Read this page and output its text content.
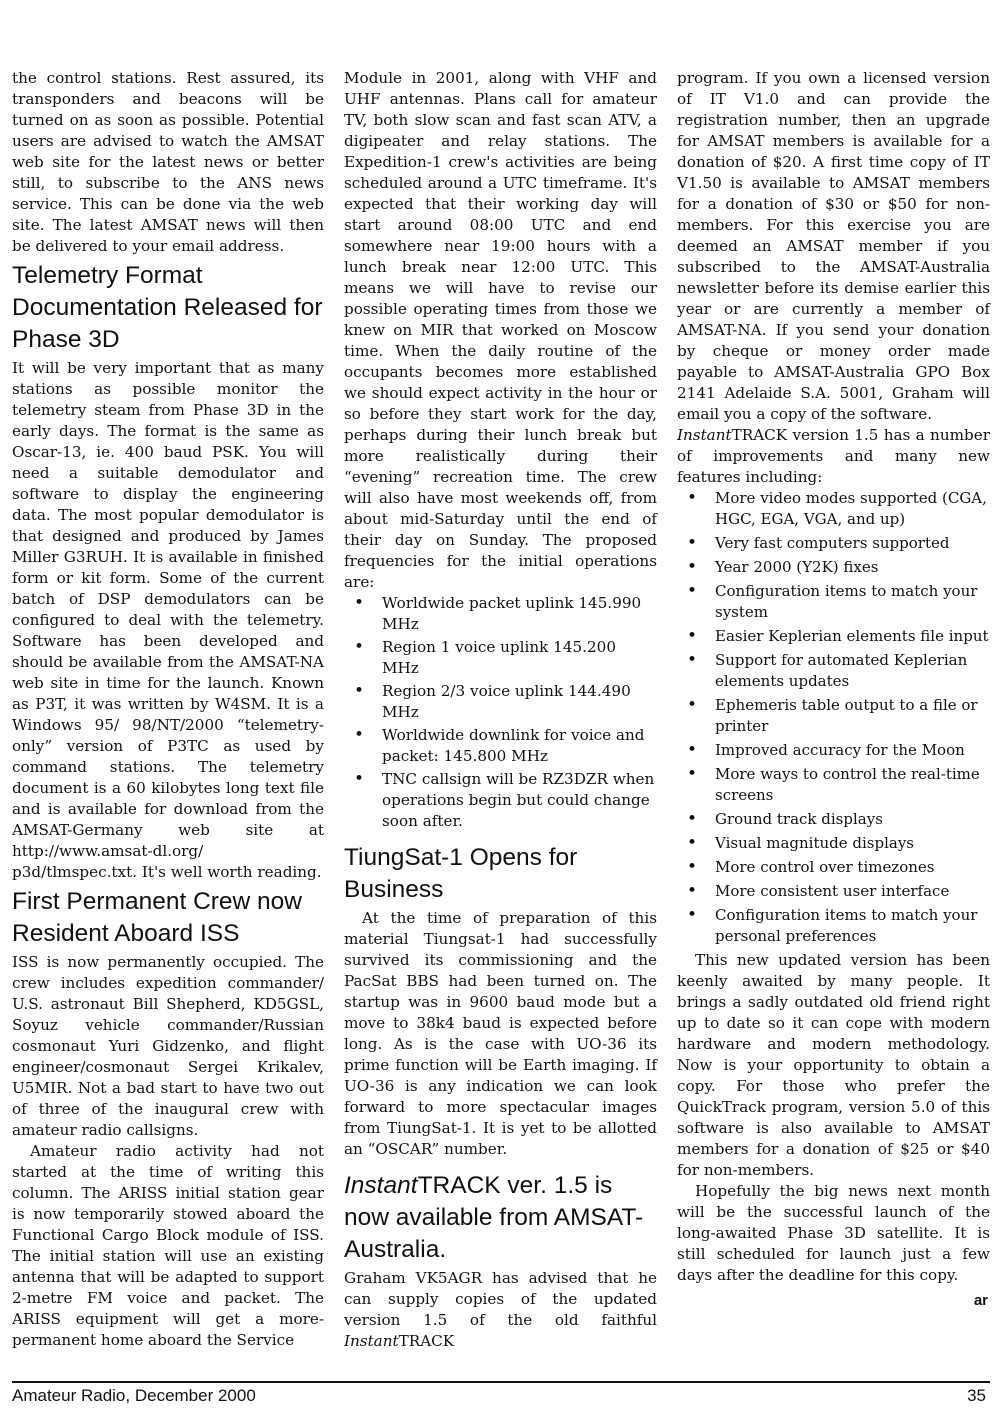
the control stations. Rest assured, its transponders and beacons will be turned on as soon as possible. Potential users are advised to watch the AMSAT web site for the latest news or better still, to subscribe to the ANS news service. This can be done via the web site. The latest AMSAT news will then be delivered to your email address.

Telemetry Format Documentation Released for Phase 3D

It will be very important that as many stations as possible monitor the telemetry steam from Phase 3D in the early days. The format is the same as Oscar-13, ie. 400 baud PSK. You will need a suitable demodulator and software to display the engineering data. The most popular demodulator is that designed and produced by James Miller G3RUH. It is available in finished form or kit form. Some of the current batch of DSP demodulators can be configured to deal with the telemetry. Software has been developed and should be available from the AMSAT-NA web site in time for the launch. Known as P3T, it was written by W4SM. It is a Windows 95/ 98/NT/2000 “telemetry-only” version of P3TC as used by command stations. The telemetry document is a 60 kilobytes long text file and is available for download from the AMSAT-Germany web site at http://www.amsat-dl.org/ p3d/tlmspec.txt. It's well worth reading.

First Permanent Crew now Resident Aboard ISS

ISS is now permanently occupied. The crew includes expedition commander/ U.S. astronaut Bill Shepherd, KD5GSL, Soyuz vehicle commander/Russian cosmonaut Yuri Gidzenko, and flight engineer/cosmonaut Sergei Krikalev, U5MIR. Not a bad start to have two out of three of the inaugural crew with amateur radio callsigns.

Amateur radio activity had not started at the time of writing this column. The ARISS initial station gear is now temporarily stowed aboard the Functional Cargo Block module of ISS. The initial station will use an existing antenna that will be adapted to support 2-metre FM voice and packet. The ARISS equipment will get a more-permanent home aboard the Service

Module in 2001, along with VHF and UHF antennas. Plans call for amateur TV, both slow scan and fast scan ATV, a digipeater and relay stations. The Expedition-1 crew's activities are being scheduled around a UTC timeframe. It's expected that their working day will start around 08:00 UTC and end somewhere near 19:00 hours with a lunch break near 12:00 UTC. This means we will have to revise our possible operating times from those we knew on MIR that worked on Moscow time. When the daily routine of the occupants becomes more established we should expect activity in the hour or so before they start work for the day, perhaps during their lunch break but more realistically during their “evening” recreation time. The crew will also have most weekends off, from about mid-Saturday until the end of their day on Sunday. The proposed frequencies for the initial operations are:

• Worldwide packet uplink 145.990 MHz
• Region 1 voice uplink 145.200 MHz
• Region 2/3 voice uplink 144.490 MHz
• Worldwide downlink for voice and packet: 145.800 MHz
• TNC callsign will be RZ3DZR when operations begin but could change soon after.
TiungSat-1 Opens for Business

At the time of preparation of this material Tiungsat-1 had successfully survived its commissioning and the PacSat BBS had been turned on. The startup was in 9600 baud mode but a move to 38k4 baud is expected before long. As is the case with UO-36 its prime function will be Earth imaging. If UO-36 is any indication we can look forward to more spectacular images from TiungSat-1. It is yet to be allotted an “OSCAR” number.

InstantTRACK ver. 1.5 is now available from AMSAT-Australia.

Graham VK5AGR has advised that he can supply copies of the updated version 1.5 of the old faithful InstantTRACK

program. If you own a licensed version of IT V1.0 and can provide the registration number, then an upgrade for AMSAT members is available for a donation of $20. A first time copy of IT V1.50 is available to AMSAT members for a donation of $30 or $50 for non-members. For this exercise you are deemed an AMSAT member if you subscribed to the AMSAT-Australia newsletter before its demise earlier this year or are currently a member of AMSAT-NA. If you send your donation by cheque or money order made payable to AMSAT-Australia GPO Box 2141 Adelaide S.A. 5001, Graham will email you a copy of the software.

InstantTRACK version 1.5 has a number of improvements and many new features including:

• More video modes supported (CGA, HGC, EGA, VGA, and up)
• Very fast computers supported
• Year 2000 (Y2K) fixes
• Configuration items to match your system
• Easier Keplerian elements file input
• Support for automated Keplerian elements updates
• Ephemeris table output to a file or printer
• Improved accuracy for the Moon
• More ways to control the real-time screens
• Ground track displays
• Visual magnitude displays
• More control over timezones
• More consistent user interface
• Configuration items to match your personal preferences

This new updated version has been keenly awaited by many people. It brings a sadly outdated old friend right up to date so it can cope with modern hardware and modern methodology. Now is your opportunity to obtain a copy. For those who prefer the QuickTrack program, version 5.0 of this software is also available to AMSAT members for a donation of $25 or $40 for non-members.

Hopefully the big news next month will be the successful launch of the long-awaited Phase 3D satellite. It is still scheduled for launch just a few days after the deadline for this copy.

ar
Amateur Radio, December 2000	35
